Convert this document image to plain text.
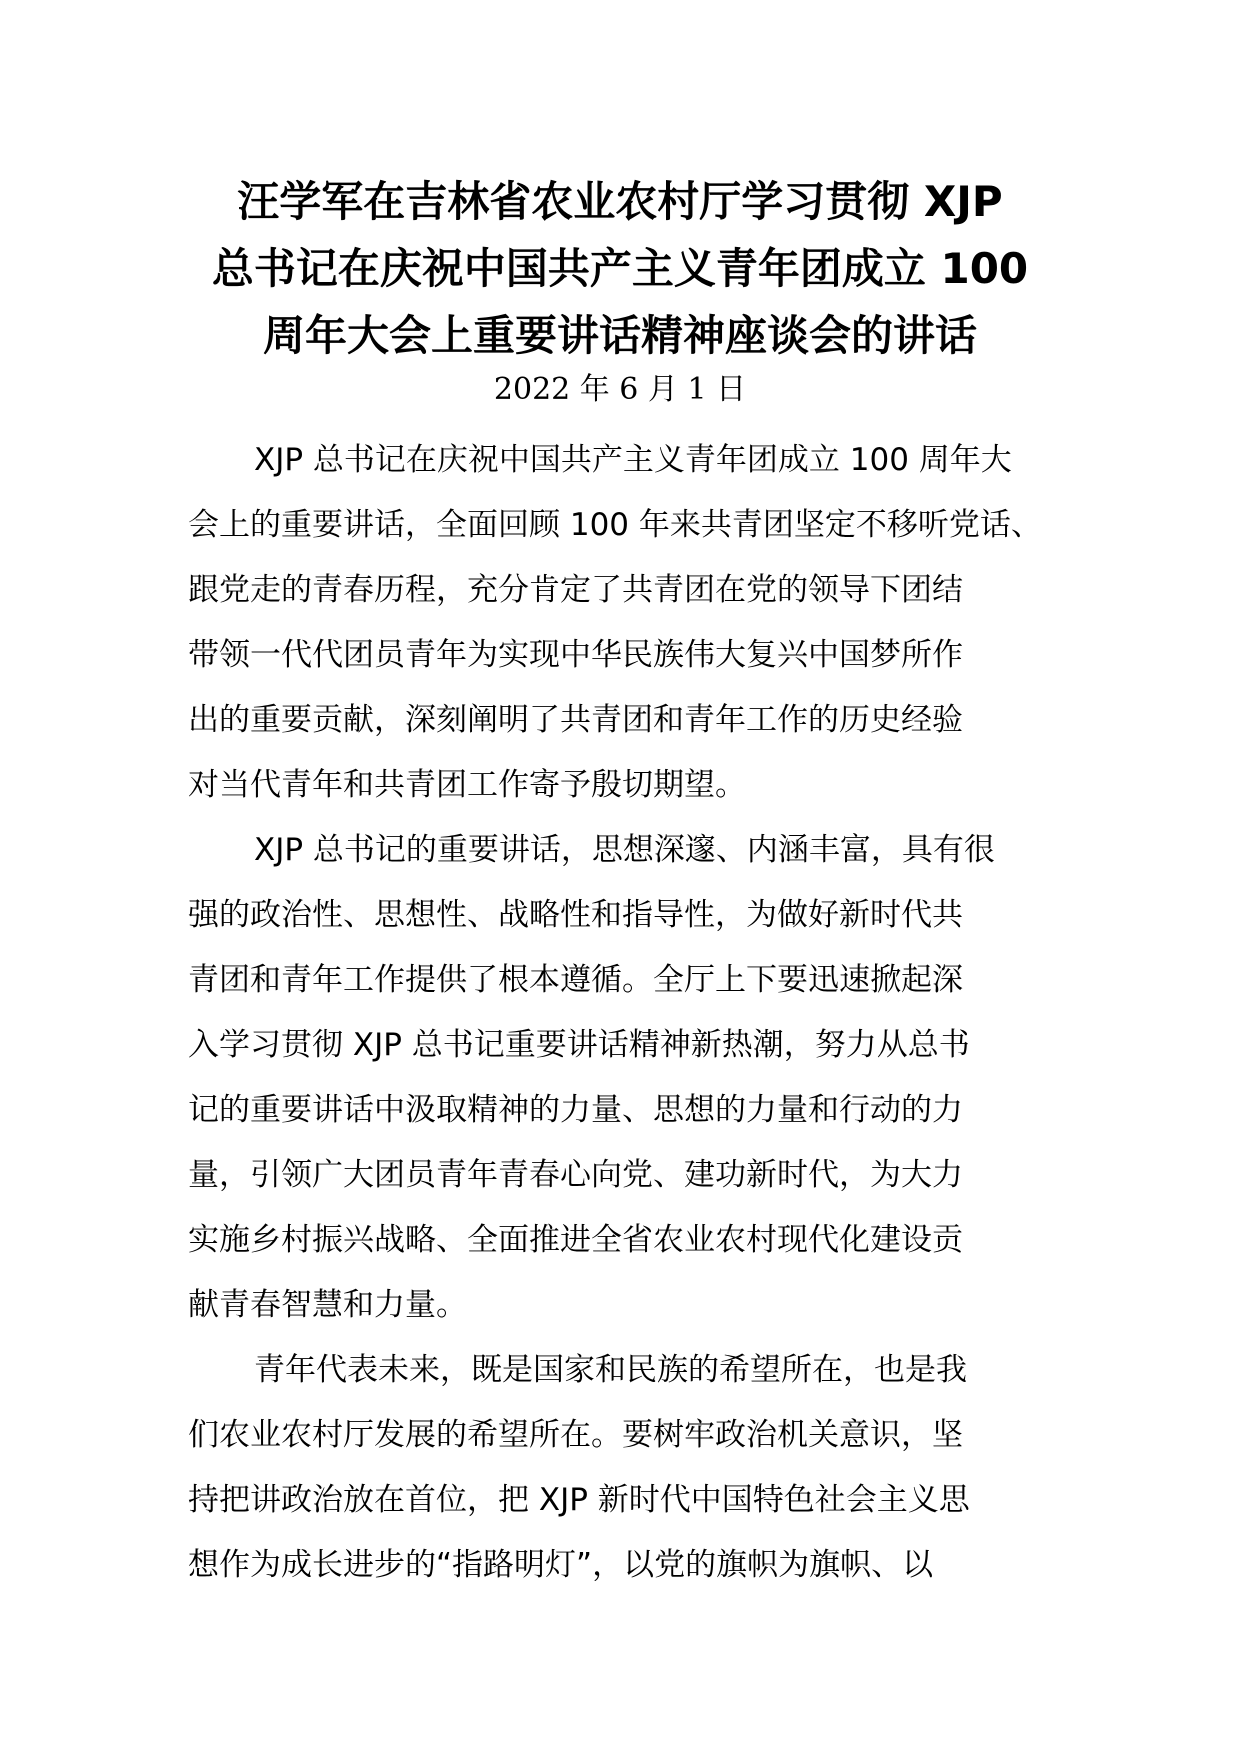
汪学军在吉林省农业农村厅学习贯彻 XJP
总书记在庆祝中国共产主义青年团成立 100
周年大会上重要讲话精神座谈会的讲话

2022 年 6 月 1 日

XJP 总书记在庆祝中国共产主义青年团成立 100 周年大
会上的重要讲话，全面回顾 100 年来共青团坚定不移听党话、
跟党走的青春历程，充分肯定了共青团在党的领导下团结
带领一代代团员青年为实现中华民族伟大复兴中国梦所作
出的重要贡献，深刻阐明了共青团和青年工作的历史经验
对当代青年和共青团工作寄予殷切期望。

XJP 总书记的重要讲话，思想深邃、内涵丰富，具有很
强的政治性、思想性、战略性和指导性，为做好新时代共
青团和青年工作提供了根本遵循。全厅上下要迅速掀起深
入学习贯彻 XJP 总书记重要讲话精神新热潮，努力从总书
记的重要讲话中汲取精神的力量、思想的力量和行动的力
量，引领广大团员青年青春心向党、建功新时代，为大力
实施乡村振兴战略、全面推进全省农业农村现代化建设贡
献青春智慧和力量。

青年代表未来，既是国家和民族的希望所在，也是我
们农业农村厅发展的希望所在。要树牢政治机关意识，坚
持把讲政治放在首位，把 XJP 新时代中国特色社会主义思
想作为成长进步的“指路明灯”，以党的旗帜为旗帜、以
